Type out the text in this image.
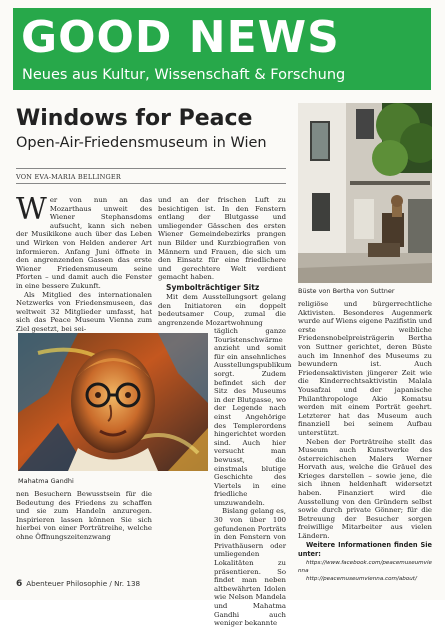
GOOD NEWS
Neues aus Kultur, Wissenschaft & Forschung
Windows for Peace
Open-Air-Friedensmuseum in Wien
VON EVA-MARIA BELLINGER

Wer von nun an das Mozarthaus unweit des Wiener Stephansdoms aufsucht, kann sich neben der Musikikone auch über das Leben und Wirken von Helden anderer Art informieren. Anfang Juni öffnete in den angrenzenden Gassen das erste Wiener Friedensmuseum seine Pforten – und damit auch die Fenster in eine bessere Zukunft.

Als Mitglied des internationalen Netzwerks von Friedensmuseen, das weltweit 32 Mitglieder umfasst, hat sich das Peace Museum Vienna zum Ziel gesetzt, bei sei-

und an der frischen Luft zu besichtigen ist. In den Fenstern entlang der Blutgasse und umliegender Gässchen des ersten Wiener Gemeindebezirks prangen nun Bilder und Kurzbiografien von Männern und Frauen, die sich um den Einsatz für eine friedlichere und gerechtere Welt verdient gemacht haben.

Symbolträchtiger Sitz

Mit dem Ausstellungsort gelang den Initiatoren ein doppelt bedeutsamer Coup, zumal die angrenzende Mozartwohnung

täglich ganze Touristenschwärme anzieht und somit für ein ansehnliches Ausstellungspublikum sorgt. Zudem befindet sich der Sitz des Museums in der Blutgasse, wo der Legende nach einst Angehörige des Templerordens hingerichtet worden sind. Auch hier versucht man bewusst, die einstmals blutige Geschichte des Viertels in eine friedliche umzuwandeln.

Bislang gelang es, 30 von über 100 gefundenen Porträts in den Fenstern von Privathäusern oder umliegenden Lokalitäten zu präsentieren. So findet man neben altbewährten Idolen wie Nelson Mandela und Mahatma Gandhi auch weniger bekannte

Mahatma Gandhi

nen Besuchern Bewusstsein für die Bedeutung des Friedens zu schaffen und sie zum Handeln anzuregen. Inspirieren lassen können Sie sich hierbei von einer Porträtreihe, welche ohne Öffnungszeitenzwang

Büste von Bertha von Suttner

religiöse und bürgerrechtliche Aktivisten. Besonderes Augenmerk wurde auf Wiens eigene Pazifistin und erste weibliche Friedensnobelpreisträgerin Bertha von Suttner gerichtet, deren Büste auch im Innenhof des Museums zu bewundern ist. Auch Friedensaktivisten jüngerer Zeit wie die Kinderrechtsaktivistin Malala Yousafzai und der japanische Philanthropologe Akio Komatsu werden mit einem Porträt geehrt. Letzterer hat das Museum auch finanziell bei seinem Aufbau unterstützt.

Neben der Porträtreihe stellt das Museum auch Kunstwerke des österreichischen Malers Werner Horvath aus, welche die Gräuel des Krieges darstellen – sowie jene, die sich ihnen heldenhaft widersetzt haben. Finanziert wird die Ausstellung von den Gründern selbst sowie durch private Gönner; für die Betreuung der Besucher sorgen freiwillige Mitarbeiter aus vielen Ländern.

Weitere Informationen finden Sie unter:

https://www.facebook.com/peacemuseumvienna

http://peacemuseumvienna.com/about/

6 Abenteuer Philosophie / Nr. 138
